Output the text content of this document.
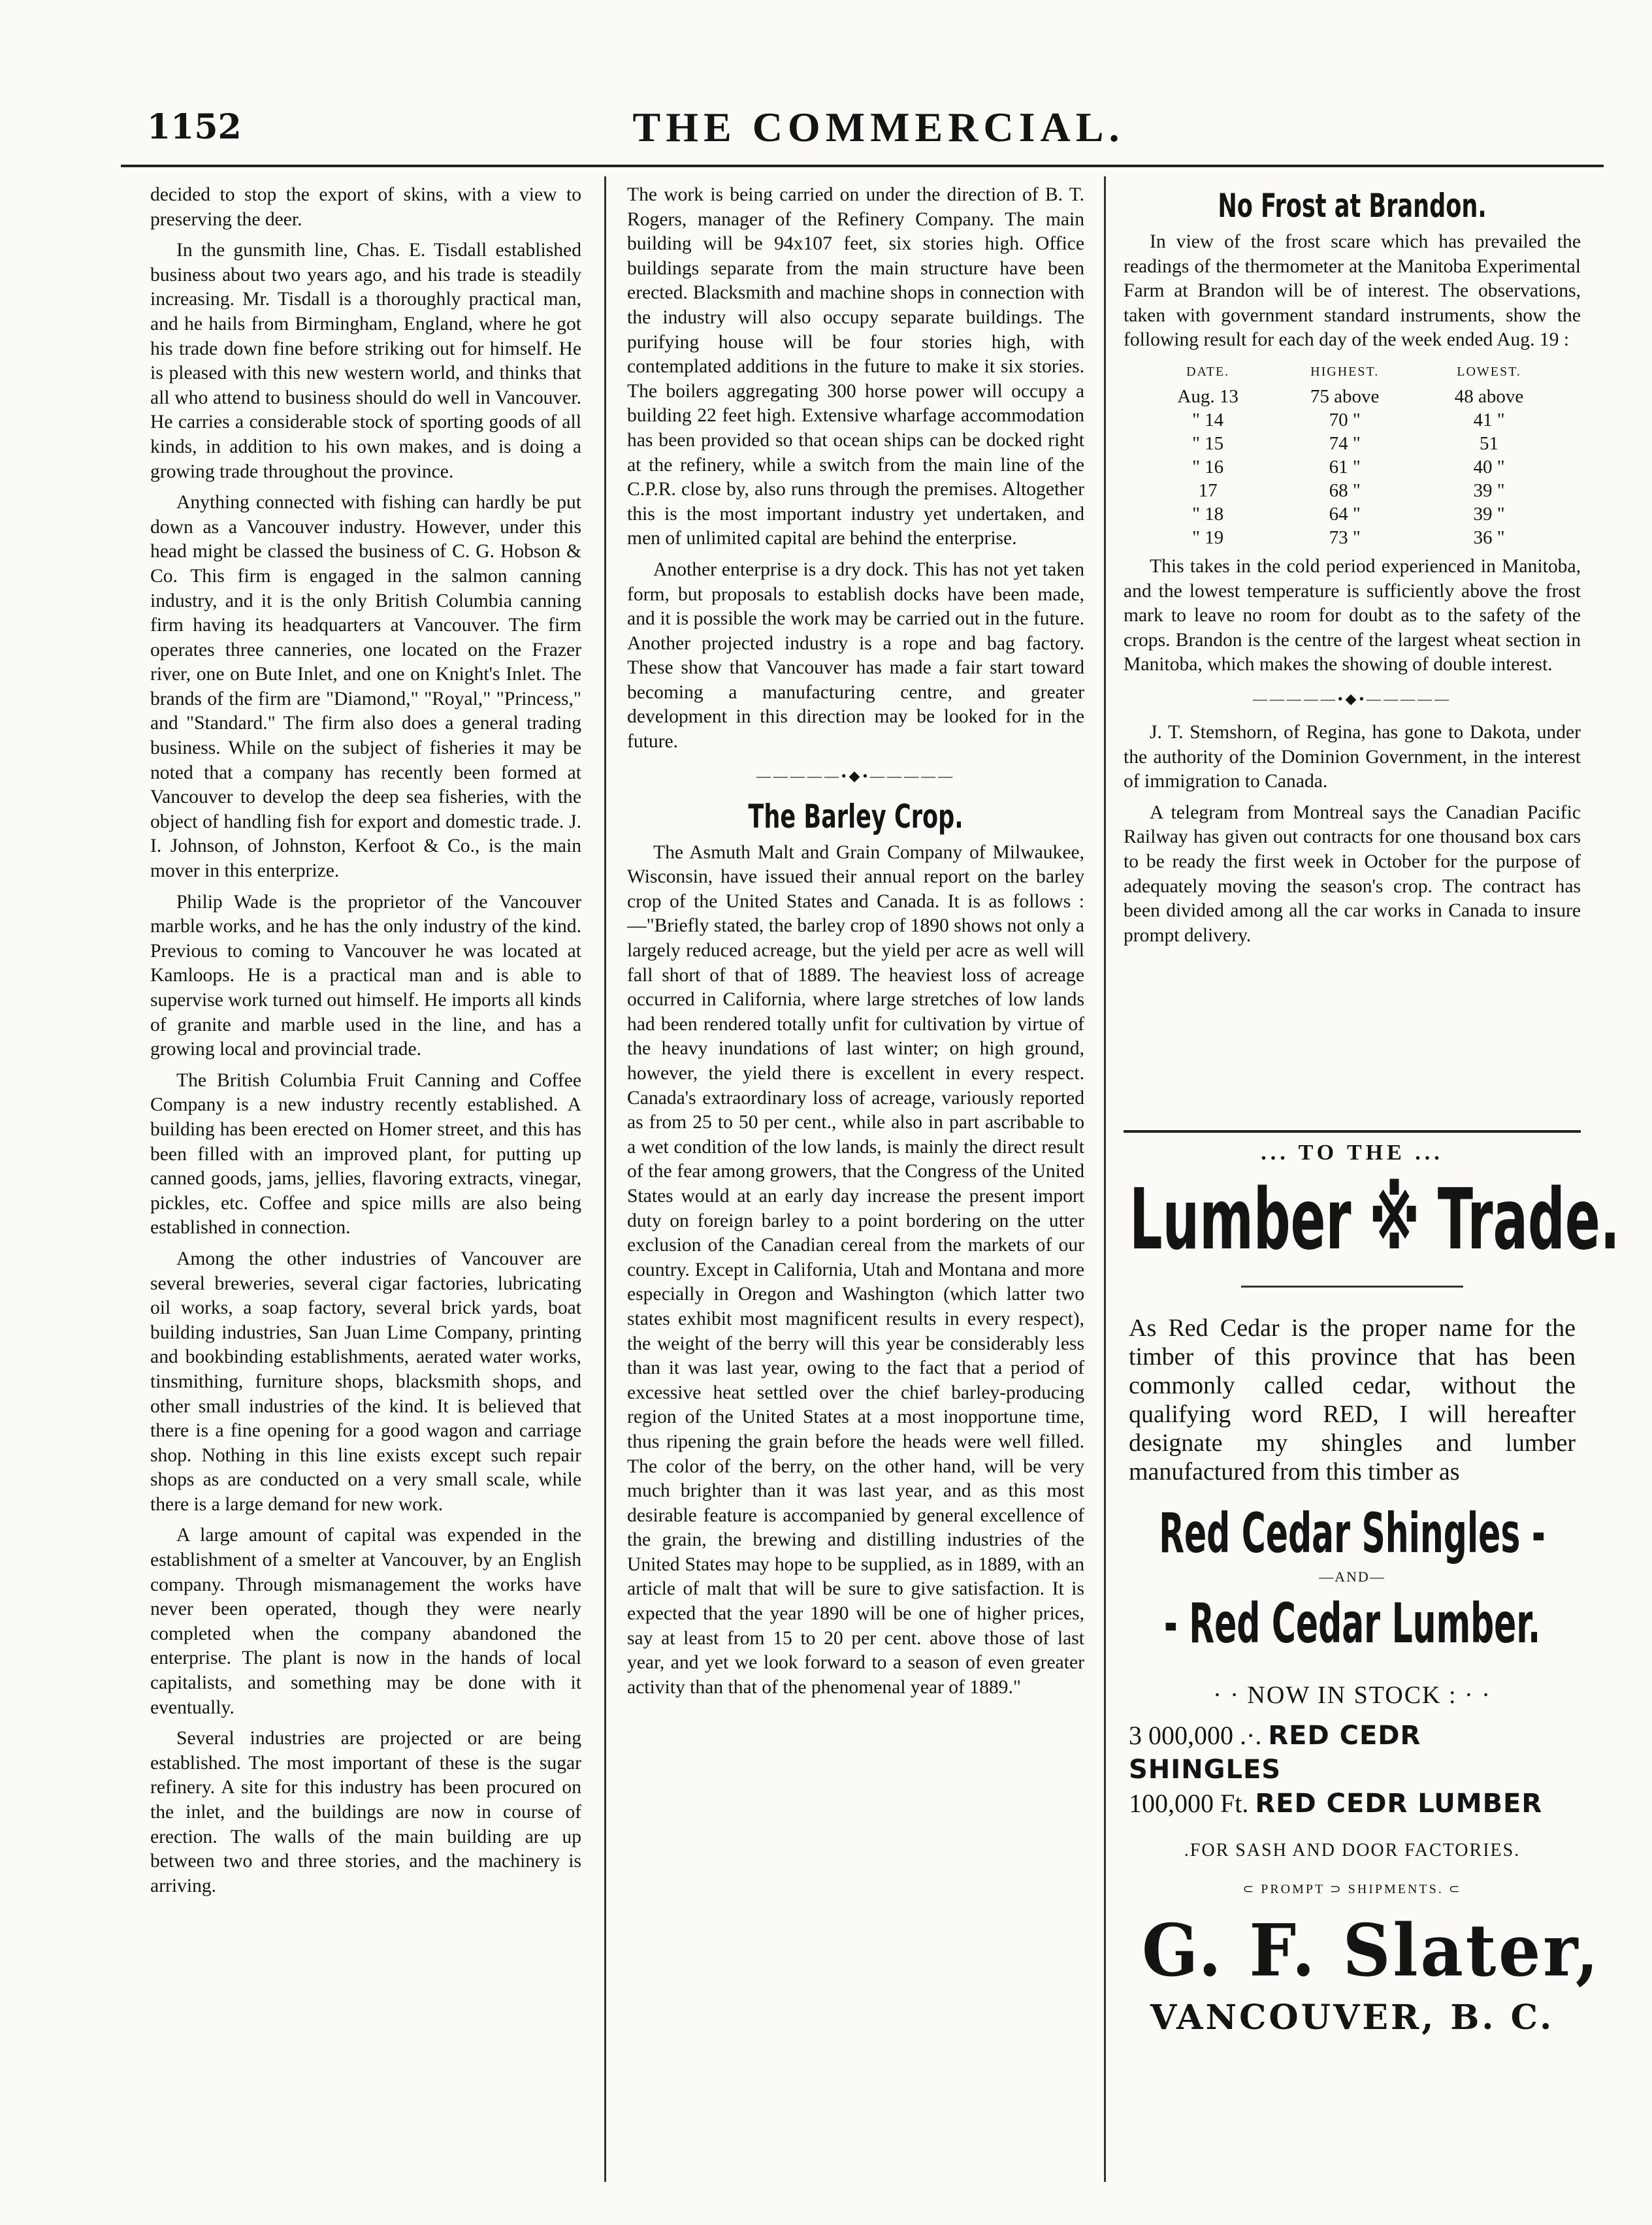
1152	THE COMMERCIAL.

decided to stop the export of skins, with a view to preserving the deer.

In the gunsmith line, Chas. E. Tisdall established business about two years ago, and his trade is steadily increasing. Mr. Tisdall is a thoroughly practical man, and he hails from Birmingham, England, where he got his trade down fine before striking out for himself. He is pleased with this new western world, and thinks that all who attend to business should do well in Vancouver. He carries a considerable stock of sporting goods of all kinds, in addition to his own makes, and is doing a growing trade throughout the province.

Anything connected with fishing can hardly be put down as a Vancouver industry. However, under this head might be classed the business of C. G. Hobson & Co. This firm is engaged in the salmon canning industry, and it is the only British Columbia canning firm having its headquarters at Vancouver. The firm operates three canneries, one located on the Frazer river, one on Bute Inlet, and one on Knight's Inlet. The brands of the firm are "Diamond," "Royal," "Princess," and "Standard." The firm also does a general trading business. While on the subject of fisheries it may be noted that a company has recently been formed at Vancouver to develop the deep sea fisheries, with the object of handling fish for export and domestic trade. J. I. Johnson, of Johnston, Kerfoot & Co., is the main mover in this enterprize.

Philip Wade is the proprietor of the Vancouver marble works, and he has the only industry of the kind. Previous to coming to Vancouver he was located at Kamloops. He is a practical man and is able to supervise work turned out himself. He imports all kinds of granite and marble used in the line, and has a growing local and provincial trade.

The British Columbia Fruit Canning and Coffee Company is a new industry recently established. A building has been erected on Homer street, and this has been filled with an improved plant, for putting up canned goods, jams, jellies, flavoring extracts, vinegar, pickles, etc. Coffee and spice mills are also being established in connection.

Among the other industries of Vancouver are several breweries, several cigar factories, lubricating oil works, a soap factory, several brick yards, boat building industries, San Juan Lime Company, printing and bookbinding establishments, aerated water works, tinsmithing, furniture shops, blacksmith shops, and other small industries of the kind. It is believed that there is a fine opening for a good wagon and carriage shop. Nothing in this line exists except such repair shops as are conducted on a very small scale, while there is a large demand for new work.

A large amount of capital was expended in the establishment of a smelter at Vancouver, by an English company. Through mismanagement the works have never been operated, though they were nearly completed when the company abandoned the enterprise. The plant is now in the hands of local capitalists, and something may be done with it eventually.

Several industries are projected or are being established. The most important of these is the sugar refinery. A site for this industry has been procured on the inlet, and the buildings are now in course of erection. The walls of the main building are up between two and three stories, and the machinery is arriving.

The work is being carried on under the direction of B. T. Rogers, manager of the Refinery Company. The main building will be 94x107 feet, six stories high. Office buildings separate from the main structure have been erected. Blacksmith and machine shops in connection with the industry will also occupy separate buildings. The purifying house will be four stories high, with contemplated additions in the future to make it six stories. The boilers aggregating 300 horse power will occupy a building 22 feet high. Extensive wharfage accommodation has been provided so that ocean ships can be docked right at the refinery, while a switch from the main line of the C.P.R. close by, also runs through the premises. Altogether this is the most important industry yet undertaken, and men of unlimited capital are behind the enterprise.

Another enterprise is a dry dock. This has not yet taken form, but proposals to establish docks have been made, and it is possible the work may be carried out in the future. Another projected industry is a rope and bag factory. These show that Vancouver has made a fair start toward becoming a manufacturing centre, and greater development in this direction may be looked for in the future.

—————•◆•—————
The Barley Crop.

The Asmuth Malt and Grain Company of Milwaukee, Wisconsin, have issued their annual report on the barley crop of the United States and Canada. It is as follows :—"Briefly stated, the barley crop of 1890 shows not only a largely reduced acreage, but the yield per acre as well will fall short of that of 1889. The heaviest loss of acreage occurred in California, where large stretches of low lands had been rendered totally unfit for cultivation by virtue of the heavy inundations of last winter; on high ground, however, the yield there is excellent in every respect. Canada's extraordinary loss of acreage, variously reported as from 25 to 50 per cent., while also in part ascribable to a wet condition of the low lands, is mainly the direct result of the fear among growers, that the Congress of the United States would at an early day increase the present import duty on foreign barley to a point bordering on the utter exclusion of the Canadian cereal from the markets of our country. Except in California, Utah and Montana and more especially in Oregon and Washington (which latter two states exhibit most magnificent results in every respect), the weight of the berry will this year be considerably less than it was last year, owing to the fact that a period of excessive heat settled over the chief barley-producing region of the United States at a most inopportune time, thus ripening the grain before the heads were well filled. The color of the berry, on the other hand, will be very much brighter than it was last year, and as this most desirable feature is accompanied by general excellence of the grain, the brewing and distilling industries of the United States may hope to be supplied, as in 1889, with an article of malt that will be sure to give satisfaction. It is expected that the year 1890 will be one of higher prices, say at least from 15 to 20 per cent. above those of last year, and yet we look forward to a season of even greater activity than that of the phenomenal year of 1889."

No Frost at Brandon.

In view of the frost scare which has prevailed the readings of the thermometer at the Manitoba Experimental Farm at Brandon will be of interest. The observations, taken with government standard instruments, show the following result for each day of the week ended Aug. 19 :

DATE.	HIGHEST.	LOWEST.
Aug. 13	75 above	48 above
" 14	70 "	41 "
" 15	74 "	51
" 16	61 "	40 "
17	68 "	39 "
" 18	64 "	39 "
" 19	73 "	36 "

This takes in the cold period experienced in Manitoba, and the lowest temperature is sufficiently above the frost mark to leave no room for doubt as to the safety of the crops. Brandon is the centre of the largest wheat section in Manitoba, which makes the showing of double interest.

—————•◆•—————

J. T. Stemshorn, of Regina, has gone to Dakota, under the authority of the Dominion Government, in the interest of immigration to Canada.

A telegram from Montreal says the Canadian Pacific Railway has given out contracts for one thousand box cars to be ready the first week in October for the purpose of adequately moving the season's crop. The contract has been divided among all the car works in Canada to insure prompt delivery.

... TO THE ...
Lumber ※ Trade.
As Red Cedar is the proper name for the timber of this province that has been commonly called cedar, without the qualifying word RED, I will hereafter designate my shingles and lumber manufactured from this timber as
Red Cedar Shingles -
—AND—
- Red Cedar Lumber.
· · NOW IN STOCK : · ·
3 000,000 .·. RED CEDR SHINGLES
100,000 Ft. RED CEDR LUMBER
.FOR SASH AND DOOR FACTORIES.
⊂ PROMPT ⊃ SHIPMENTS. ⊂
G. F. Slater,
VANCOUVER, B. C.
